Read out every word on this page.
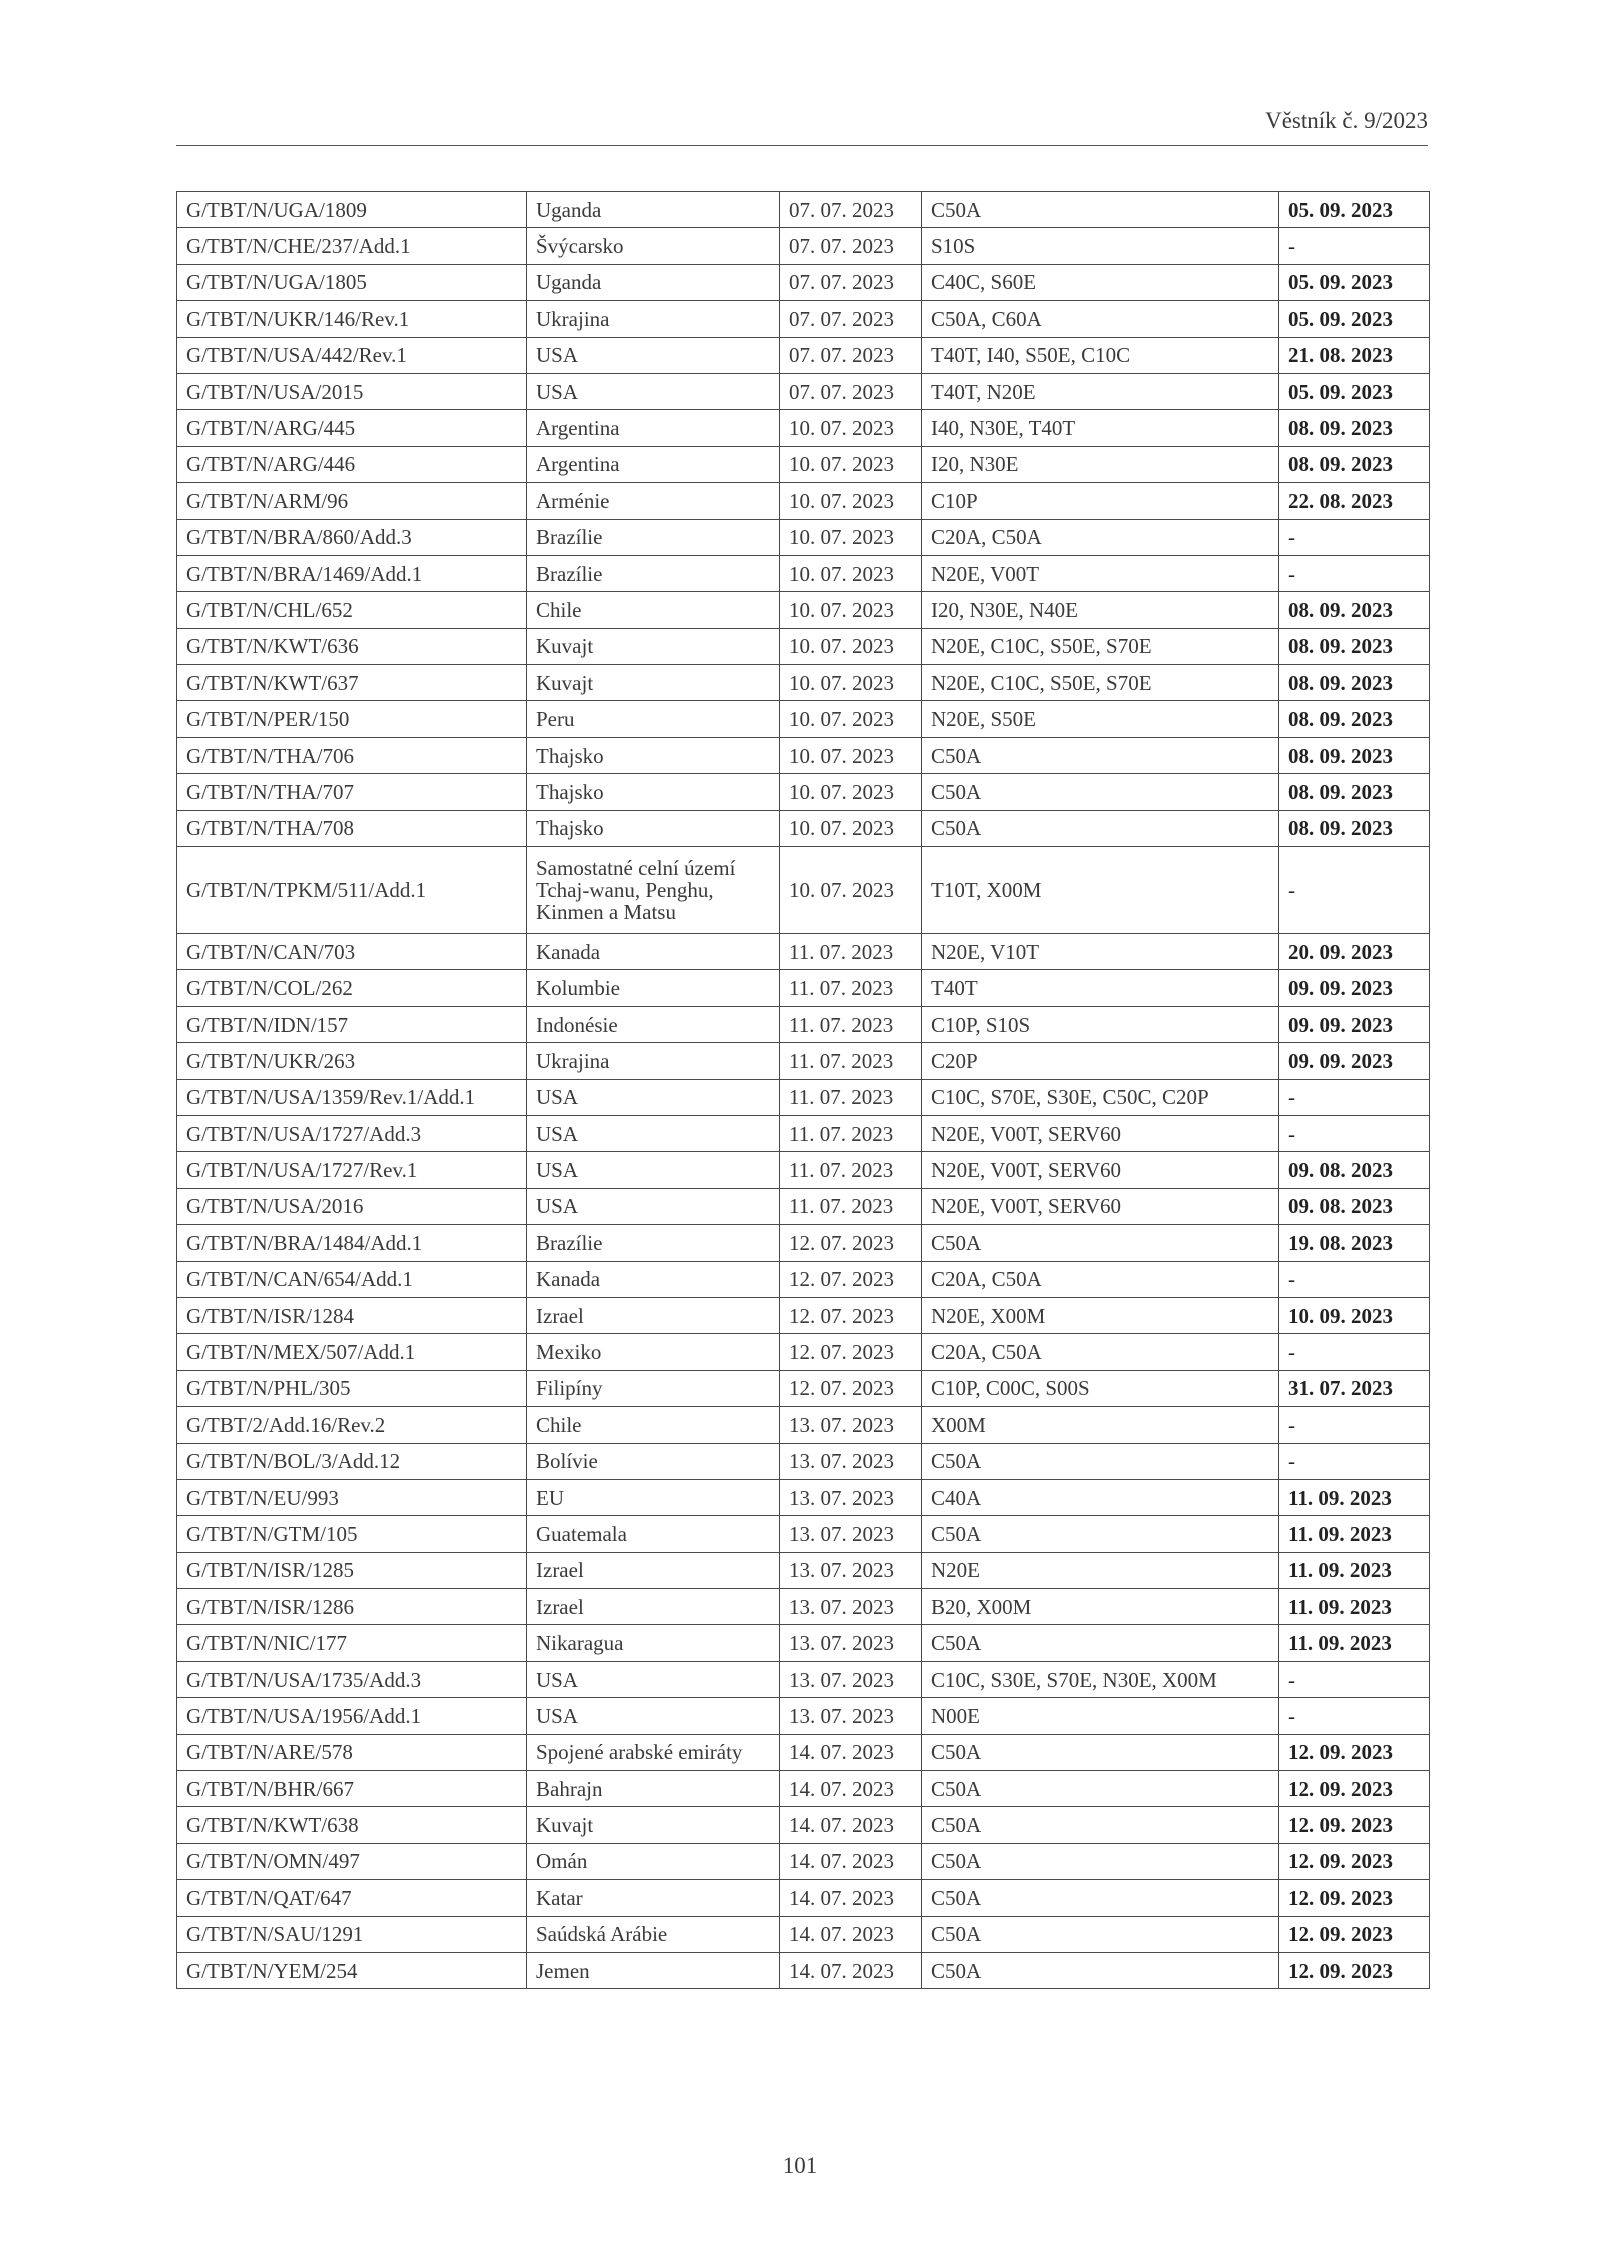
Věstník č. 9/2023
G/TBT/N/UGA/1809	Uganda	07. 07. 2023	C50A	05. 09. 2023
G/TBT/N/CHE/237/Add.1	Švýcarsko	07. 07. 2023	S10S	-
G/TBT/N/UGA/1805	Uganda	07. 07. 2023	C40C, S60E	05. 09. 2023
G/TBT/N/UKR/146/Rev.1	Ukrajina	07. 07. 2023	C50A, C60A	05. 09. 2023
G/TBT/N/USA/442/Rev.1	USA	07. 07. 2023	T40T, I40, S50E, C10C	21. 08. 2023
G/TBT/N/USA/2015	USA	07. 07. 2023	T40T, N20E	05. 09. 2023
G/TBT/N/ARG/445	Argentina	10. 07. 2023	I40, N30E, T40T	08. 09. 2023
G/TBT/N/ARG/446	Argentina	10. 07. 2023	I20, N30E	08. 09. 2023
G/TBT/N/ARM/96	Arménie	10. 07. 2023	C10P	22. 08. 2023
G/TBT/N/BRA/860/Add.3	Brazílie	10. 07. 2023	C20A, C50A	-
G/TBT/N/BRA/1469/Add.1	Brazílie	10. 07. 2023	N20E, V00T	-
G/TBT/N/CHL/652	Chile	10. 07. 2023	I20, N30E, N40E	08. 09. 2023
G/TBT/N/KWT/636	Kuvajt	10. 07. 2023	N20E, C10C, S50E, S70E	08. 09. 2023
G/TBT/N/KWT/637	Kuvajt	10. 07. 2023	N20E, C10C, S50E, S70E	08. 09. 2023
G/TBT/N/PER/150	Peru	10. 07. 2023	N20E, S50E	08. 09. 2023
G/TBT/N/THA/706	Thajsko	10. 07. 2023	C50A	08. 09. 2023
G/TBT/N/THA/707	Thajsko	10. 07. 2023	C50A	08. 09. 2023
G/TBT/N/THA/708	Thajsko	10. 07. 2023	C50A	08. 09. 2023
G/TBT/N/TPKM/511/Add.1	Samostatné celní území Tchaj-wanu, Penghu, Kinmen a Matsu	10. 07. 2023	T10T, X00M	-
G/TBT/N/CAN/703	Kanada	11. 07. 2023	N20E, V10T	20. 09. 2023
G/TBT/N/COL/262	Kolumbie	11. 07. 2023	T40T	09. 09. 2023
G/TBT/N/IDN/157	Indonésie	11. 07. 2023	C10P, S10S	09. 09. 2023
G/TBT/N/UKR/263	Ukrajina	11. 07. 2023	C20P	09. 09. 2023
G/TBT/N/USA/1359/Rev.1/Add.1	USA	11. 07. 2023	C10C, S70E, S30E, C50C, C20P	-
G/TBT/N/USA/1727/Add.3	USA	11. 07. 2023	N20E, V00T, SERV60	-
G/TBT/N/USA/1727/Rev.1	USA	11. 07. 2023	N20E, V00T, SERV60	09. 08. 2023
G/TBT/N/USA/2016	USA	11. 07. 2023	N20E, V00T, SERV60	09. 08. 2023
G/TBT/N/BRA/1484/Add.1	Brazílie	12. 07. 2023	C50A	19. 08. 2023
G/TBT/N/CAN/654/Add.1	Kanada	12. 07. 2023	C20A, C50A	-
G/TBT/N/ISR/1284	Izrael	12. 07. 2023	N20E, X00M	10. 09. 2023
G/TBT/N/MEX/507/Add.1	Mexiko	12. 07. 2023	C20A, C50A	-
G/TBT/N/PHL/305	Filipíny	12. 07. 2023	C10P, C00C, S00S	31. 07. 2023
G/TBT/2/Add.16/Rev.2	Chile	13. 07. 2023	X00M	-
G/TBT/N/BOL/3/Add.12	Bolívie	13. 07. 2023	C50A	-
G/TBT/N/EU/993	EU	13. 07. 2023	C40A	11. 09. 2023
G/TBT/N/GTM/105	Guatemala	13. 07. 2023	C50A	11. 09. 2023
G/TBT/N/ISR/1285	Izrael	13. 07. 2023	N20E	11. 09. 2023
G/TBT/N/ISR/1286	Izrael	13. 07. 2023	B20, X00M	11. 09. 2023
G/TBT/N/NIC/177	Nikaragua	13. 07. 2023	C50A	11. 09. 2023
G/TBT/N/USA/1735/Add.3	USA	13. 07. 2023	C10C, S30E, S70E, N30E, X00M	-
G/TBT/N/USA/1956/Add.1	USA	13. 07. 2023	N00E	-
G/TBT/N/ARE/578	Spojené arabské emiráty	14. 07. 2023	C50A	12. 09. 2023
G/TBT/N/BHR/667	Bahrajn	14. 07. 2023	C50A	12. 09. 2023
G/TBT/N/KWT/638	Kuvajt	14. 07. 2023	C50A	12. 09. 2023
G/TBT/N/OMN/497	Omán	14. 07. 2023	C50A	12. 09. 2023
G/TBT/N/QAT/647	Katar	14. 07. 2023	C50A	12. 09. 2023
G/TBT/N/SAU/1291	Saúdská Arábie	14. 07. 2023	C50A	12. 09. 2023
G/TBT/N/YEM/254	Jemen	14. 07. 2023	C50A	12. 09. 2023
101
